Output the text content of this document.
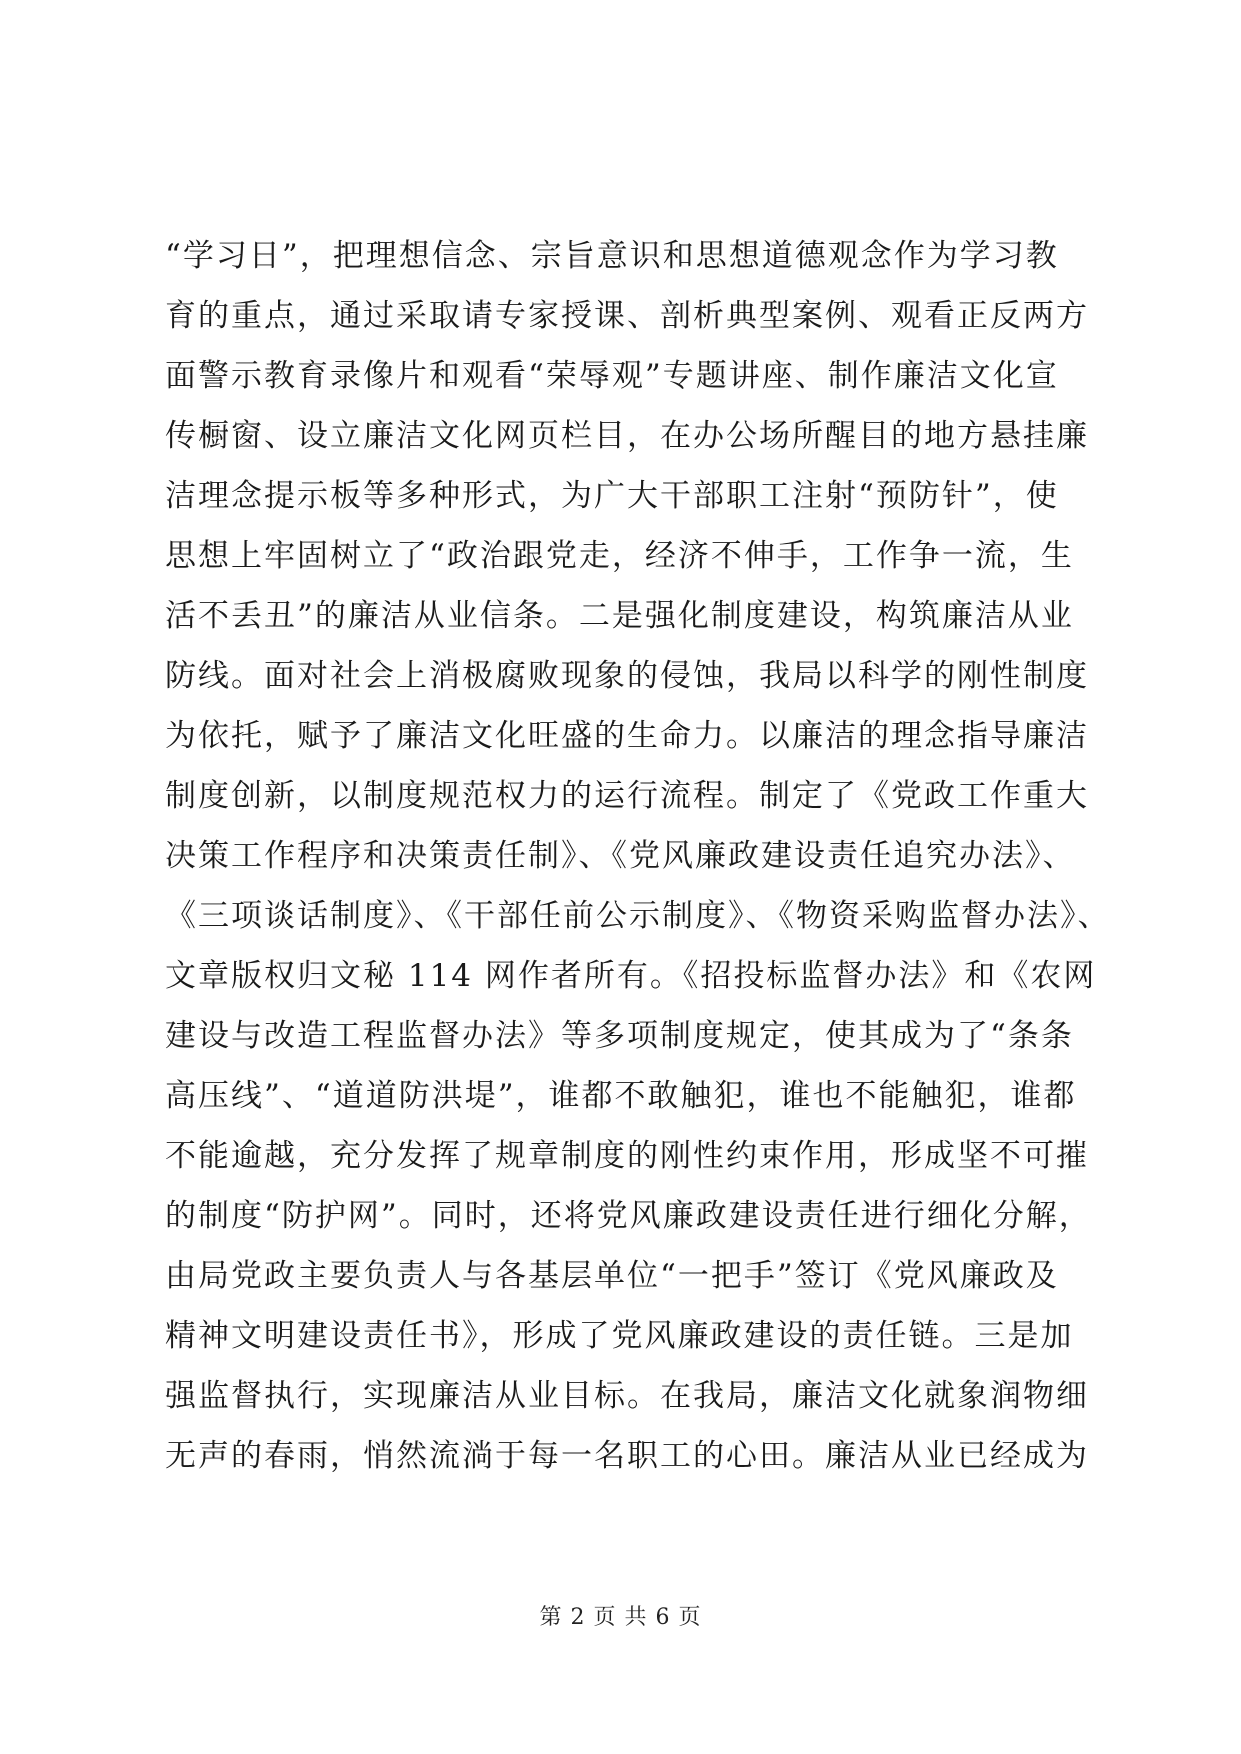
“学习日”，把理想信念、宗旨意识和思想道德观念作为学习教
育的重点，通过采取请专家授课、剖析典型案例、观看正反两方
面警示教育录像片和观看“荣辱观”专题讲座、制作廉洁文化宣
传橱窗、设立廉洁文化网页栏目，在办公场所醒目的地方悬挂廉
洁理念提示板等多种形式，为广大干部职工注射“预防针”，使
思想上牢固树立了“政治跟党走，经济不伸手，工作争一流，生
活不丢丑”的廉洁从业信条。二是强化制度建设，构筑廉洁从业
防线。面对社会上消极腐败现象的侵蚀，我局以科学的刚性制度
为依托，赋予了廉洁文化旺盛的生命力。以廉洁的理念指导廉洁
制度创新，以制度规范权力的运行流程。制定了《党政工作重大
决策工作程序和决策责任制》、《党风廉政建设责任追究办法》、
《三项谈话制度》、《干部任前公示制度》、《物资采购监督办法》、
文章版权归文秘 114 网作者所有。《招投标监督办法》和《农网
建设与改造工程监督办法》等多项制度规定，使其成为了“条条
高压线”、“道道防洪堤”，谁都不敢触犯，谁也不能触犯，谁都
不能逾越，充分发挥了规章制度的刚性约束作用，形成坚不可摧
的制度“防护网”。同时，还将党风廉政建设责任进行细化分解，
由局党政主要负责人与各基层单位“一把手”签订《党风廉政及
精神文明建设责任书》，形成了党风廉政建设的责任链。三是加
强监督执行，实现廉洁从业目标。在我局，廉洁文化就象润物细
无声的春雨，悄然流淌于每一名职工的心田。廉洁从业已经成为
第 2 页 共 6 页
